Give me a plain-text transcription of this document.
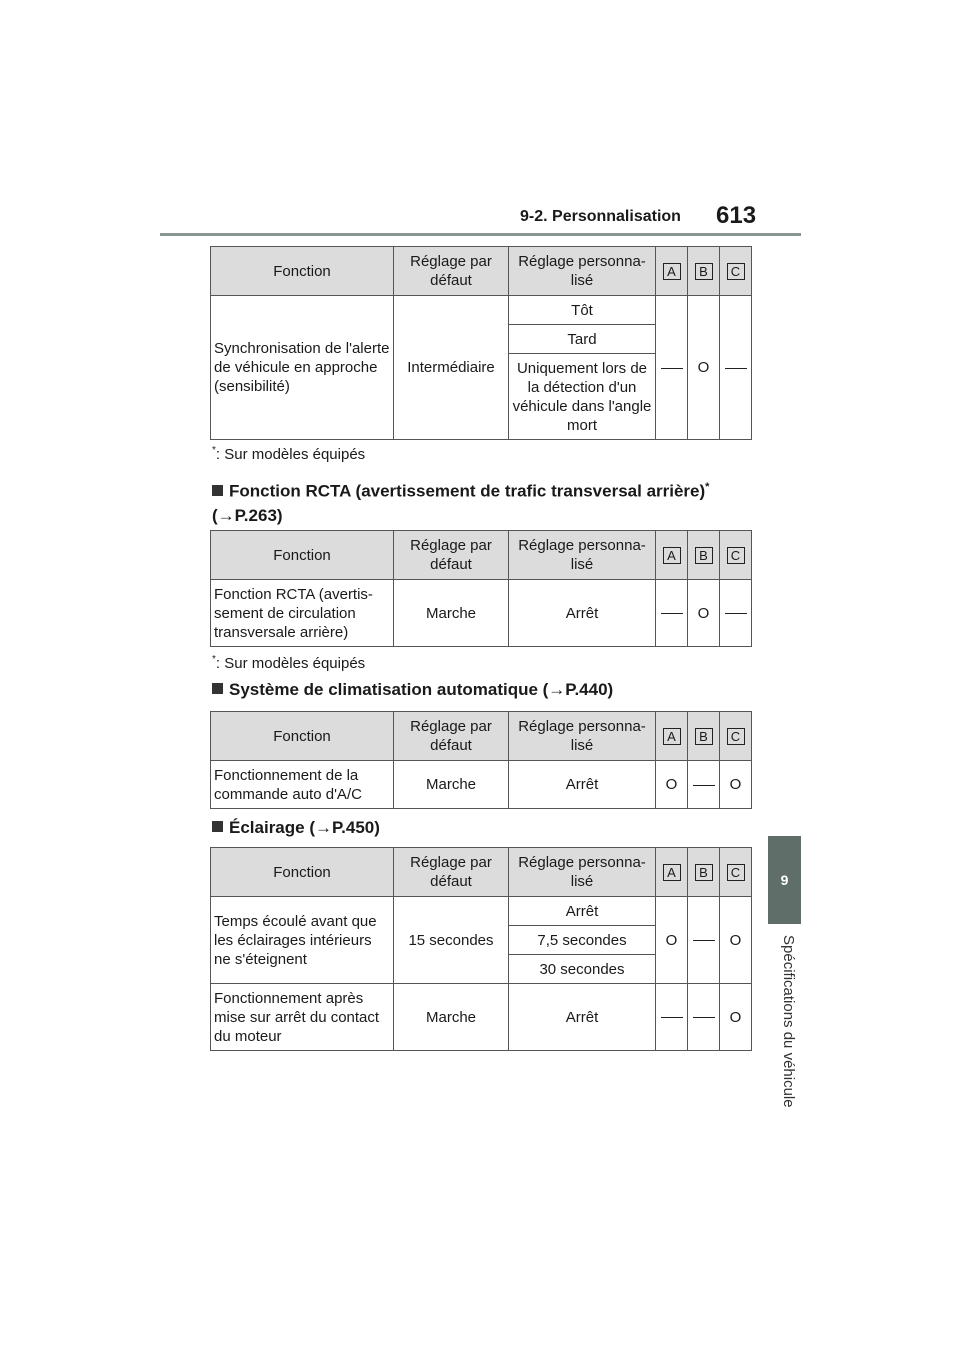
9-2. Personnalisation 613
9
Spécifications du véhicule
Fonction	Réglage par défaut	Réglage personna-lisé	A	B	C
Synchronisation de l'alerte de véhicule en approche (sensibilité)	Intermédiaire	Tôt		O	
		Tard			
		Uniquement lors de la détection d'un véhicule dans l'angle mort			
*: Sur modèles équipés
Fonction RCTA (avertissement de trafic transversal arrière)*
(→P.263)
Fonction	Réglage par défaut	Réglage personna-lisé	A	B	C
Fonction RCTA (avertis-sement de circulation transversale arrière)	Marche	Arrêt		O	
*: Sur modèles équipés
Système de climatisation automatique (→P.440)
Fonction	Réglage par défaut	Réglage personna-lisé	A	B	C
Fonctionnement de la commande auto d'A/C	Marche	Arrêt	O		O
Éclairage (→P.450)
Fonction	Réglage par défaut	Réglage personna-lisé	A	B	C
Temps écoulé avant que les éclairages intérieurs ne s'éteignent	15 secondes	Arrêt	O		O
		7,5 secondes			
		30 secondes			
Fonctionnement après mise sur arrêt du contact du moteur	Marche	Arrêt			O
